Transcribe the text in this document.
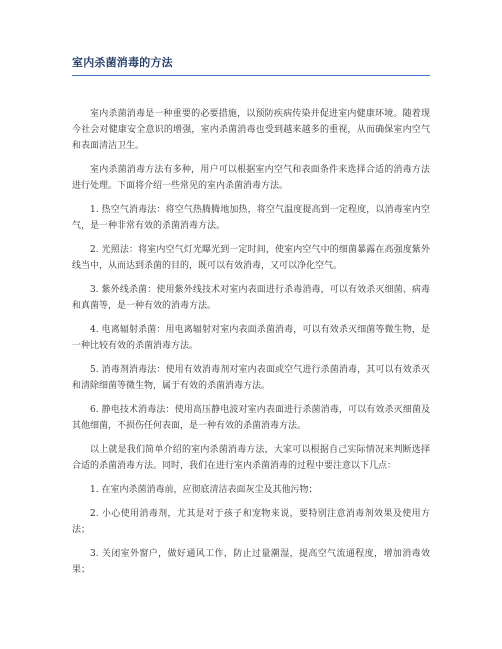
室内杀菌消毒的方法

室内杀菌消毒是一种重要的必要措施，以预防疾病传染并促进室内健康环境。随着现今社会对健康安全意识的增强，室内杀菌消毒也受到越来越多的重视，从而确保室内空气和表面清洁卫生。

室内杀菌消毒方法有多种，用户可以根据室内空气和表面条件来选择合适的消毒方法进行处理。下面将介绍一些常见的室内杀菌消毒方法。

1. 热空气消毒法：将空气热腾腾地加热，将空气温度提高到一定程度，以消毒室内空气，是一种非常有效的杀菌消毒方法。

2. 光照法：将室内空气灯光曝光到一定时间，使室内空气中的细菌暴露在高强度紫外线当中，从而达到杀菌的目的，既可以有效消毒，又可以净化空气。

3. 紫外线杀菌：使用紫外线技术对室内表面进行杀毒消毒，可以有效杀灭细菌、病毒和真菌等，是一种有效的消毒方法。

4. 电离辐射杀菌：用电离辐射对室内表面杀菌消毒，可以有效杀灭细菌等微生物，是一种比较有效的杀菌消毒方法。

5. 消毒剂消毒法：使用有效消毒剂对室内表面或空气进行杀菌消毒，其可以有效杀灭和清除细菌等微生物，属于有效的杀菌消毒方法。

6. 静电技术消毒法：使用高压静电波对室内表面进行杀菌消毒，可以有效杀灭细菌及其他细菌，不损伤任何表面，是一种有效的杀菌消毒方法。

以上就是我们简单介绍的室内杀菌消毒方法，大家可以根据自己实际情况来判断选择合适的杀菌消毒方法。同时，我们在进行室内杀菌消毒的过程中要注意以下几点：

1. 在室内杀菌消毒前，应彻底清洁表面灰尘及其他污物；

2. 小心使用消毒剂，尤其是对于孩子和宠物来说，要特别注意消毒剂效果及使用方法；

3. 关闭室外窗户，做好通风工作，防止过量潮湿，提高空气流通程度，增加消毒效果；
